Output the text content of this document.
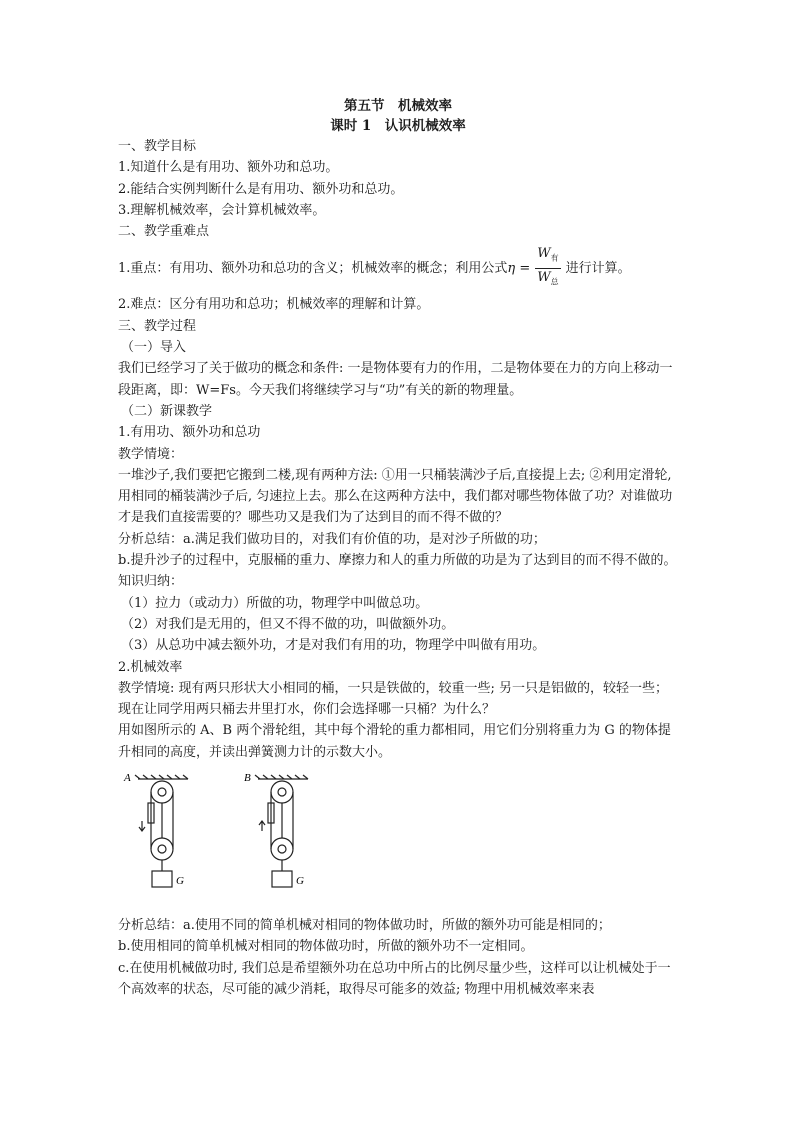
第五节　机械效率
课时 1　认识机械效率

一、教学目标

1.知道什么是有用功、额外功和总功。

2.能结合实例判断什么是有用功、额外功和总功。

3.理解机械效率，会计算机械效率。

二、教学重难点

1.重点：有用功、额外功和总功的含义；机械效率的概念；利用公式 $\eta = \frac{W_有}{W_总}$ 进行计算。

2.难点：区分有用功和总功；机械效率的理解和计算。

三、教学过程

（一）导入

我们已经学习了关于做功的概念和条件: 一是物体要有力的作用，二是物体要在力的方向上移动一段距离，即：W=Fs。今天我们将继续学习与“功”有关的新的物理量。

（二）新课教学

1.有用功、额外功和总功

教学情境：

一堆沙子,我们要把它搬到二楼,现有两种方法: ①用一只桶装满沙子后,直接提上去; ②利用定滑轮, 用相同的桶装满沙子后, 匀速拉上去。那么在这两种方法中，我们都对哪些物体做了功？对谁做功才是我们直接需要的？哪些功又是我们为了达到目的而不得不做的？

分析总结：a.满足我们做功目的，对我们有价值的功，是对沙子所做的功；

b.提升沙子的过程中，克服桶的重力、摩擦力和人的重力所做的功是为了达到目的而不得不做的。

知识归纳：

（1）拉力（或动力）所做的功，物理学中叫做总功。

（2）对我们是无用的，但又不得不做的功，叫做额外功。

（3）从总功中减去额外功，才是对我们有用的功，物理学中叫做有用功。

2.机械效率

教学情境: 现有两只形状大小相同的桶，一只是铁做的，较重一些; 另一只是铝做的，较轻一些；现在让同学用两只桶去井里打水，你们会选择哪一只桶？为什么？

用如图所示的 A、B 两个滑轮组，其中每个滑轮的重力都相同，用它们分别将重力为 G 的物体提升相同的高度，并读出弹簧测力计的示数大小。

A	B
G	G

分析总结：a.使用不同的简单机械对相同的物体做功时，所做的额外功可能是相同的；

b.使用相同的简单机械对相同的物体做功时，所做的额外功不一定相同。

c.在使用机械做功时, 我们总是希望额外功在总功中所占的比例尽量少些，这样可以让机械处于一个高效率的状态，尽可能的减少消耗，取得尽可能多的效益; 物理中用机械效率来表
